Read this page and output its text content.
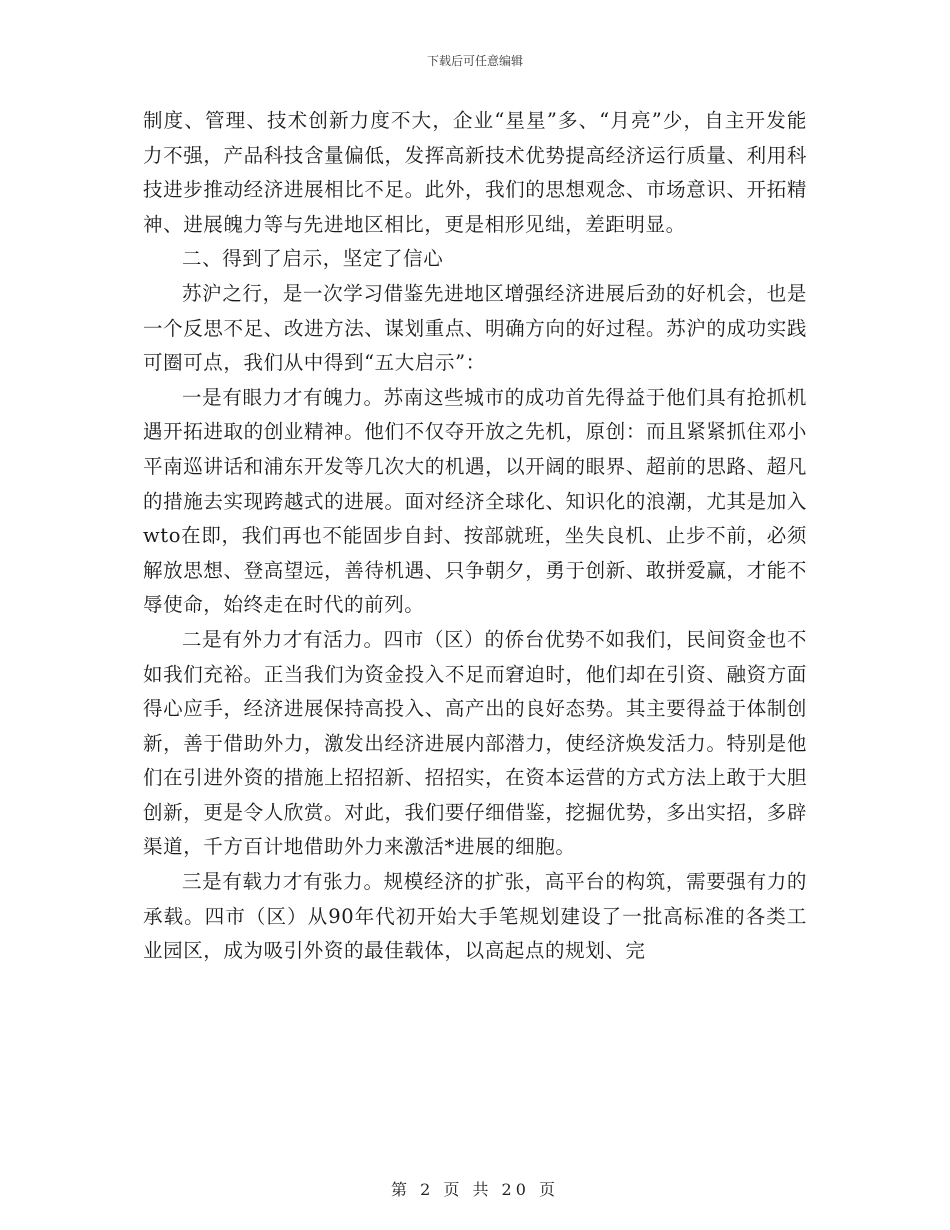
下载后可任意编辑

制度、管理、技术创新力度不大，企业“星星”多、“月亮”少，自主开发能力不强，产品科技含量偏低，发挥高新技术优势提高经济运行质量、利用科技进步推动经济进展相比不足。此外，我们的思想观念、市场意识、开拓精神、进展魄力等与先进地区相比，更是相形见绌，差距明显。

二、得到了启示，坚定了信心

苏沪之行，是一次学习借鉴先进地区增强经济进展后劲的好机会，也是一个反思不足、改进方法、谋划重点、明确方向的好过程。苏沪的成功实践可圈可点，我们从中得到“五大启示”：

一是有眼力才有魄力。苏南这些城市的成功首先得益于他们具有抢抓机遇开拓进取的创业精神。他们不仅夺开放之先机，原创：而且紧紧抓住邓小平南巡讲话和浦东开发等几次大的机遇，以开阔的眼界、超前的思路、超凡的措施去实现跨越式的进展。面对经济全球化、知识化的浪潮，尤其是加入wto在即，我们再也不能固步自封、按部就班，坐失良机、止步不前，必须解放思想、登高望远，善待机遇、只争朝夕，勇于创新、敢拼爱赢，才能不辱使命，始终走在时代的前列。

二是有外力才有活力。四市（区）的侨台优势不如我们，民间资金也不如我们充裕。正当我们为资金投入不足而窘迫时，他们却在引资、融资方面得心应手，经济进展保持高投入、高产出的良好态势。其主要得益于体制创新，善于借助外力，激发出经济进展内部潜力，使经济焕发活力。特别是他们在引进外资的措施上招招新、招招实，在资本运营的方式方法上敢于大胆创新，更是令人欣赏。对此，我们要仔细借鉴，挖掘优势，多出实招，多辟渠道，千方百计地借助外力来激活*进展的细胞。

三是有载力才有张力。规模经济的扩张，高平台的构筑，需要强有力的承载。四市（区）从90年代初开始大手笔规划建设了一批高标准的各类工业园区，成为吸引外资的最佳载体，以高起点的规划、完

第 2 页 共 20 页
